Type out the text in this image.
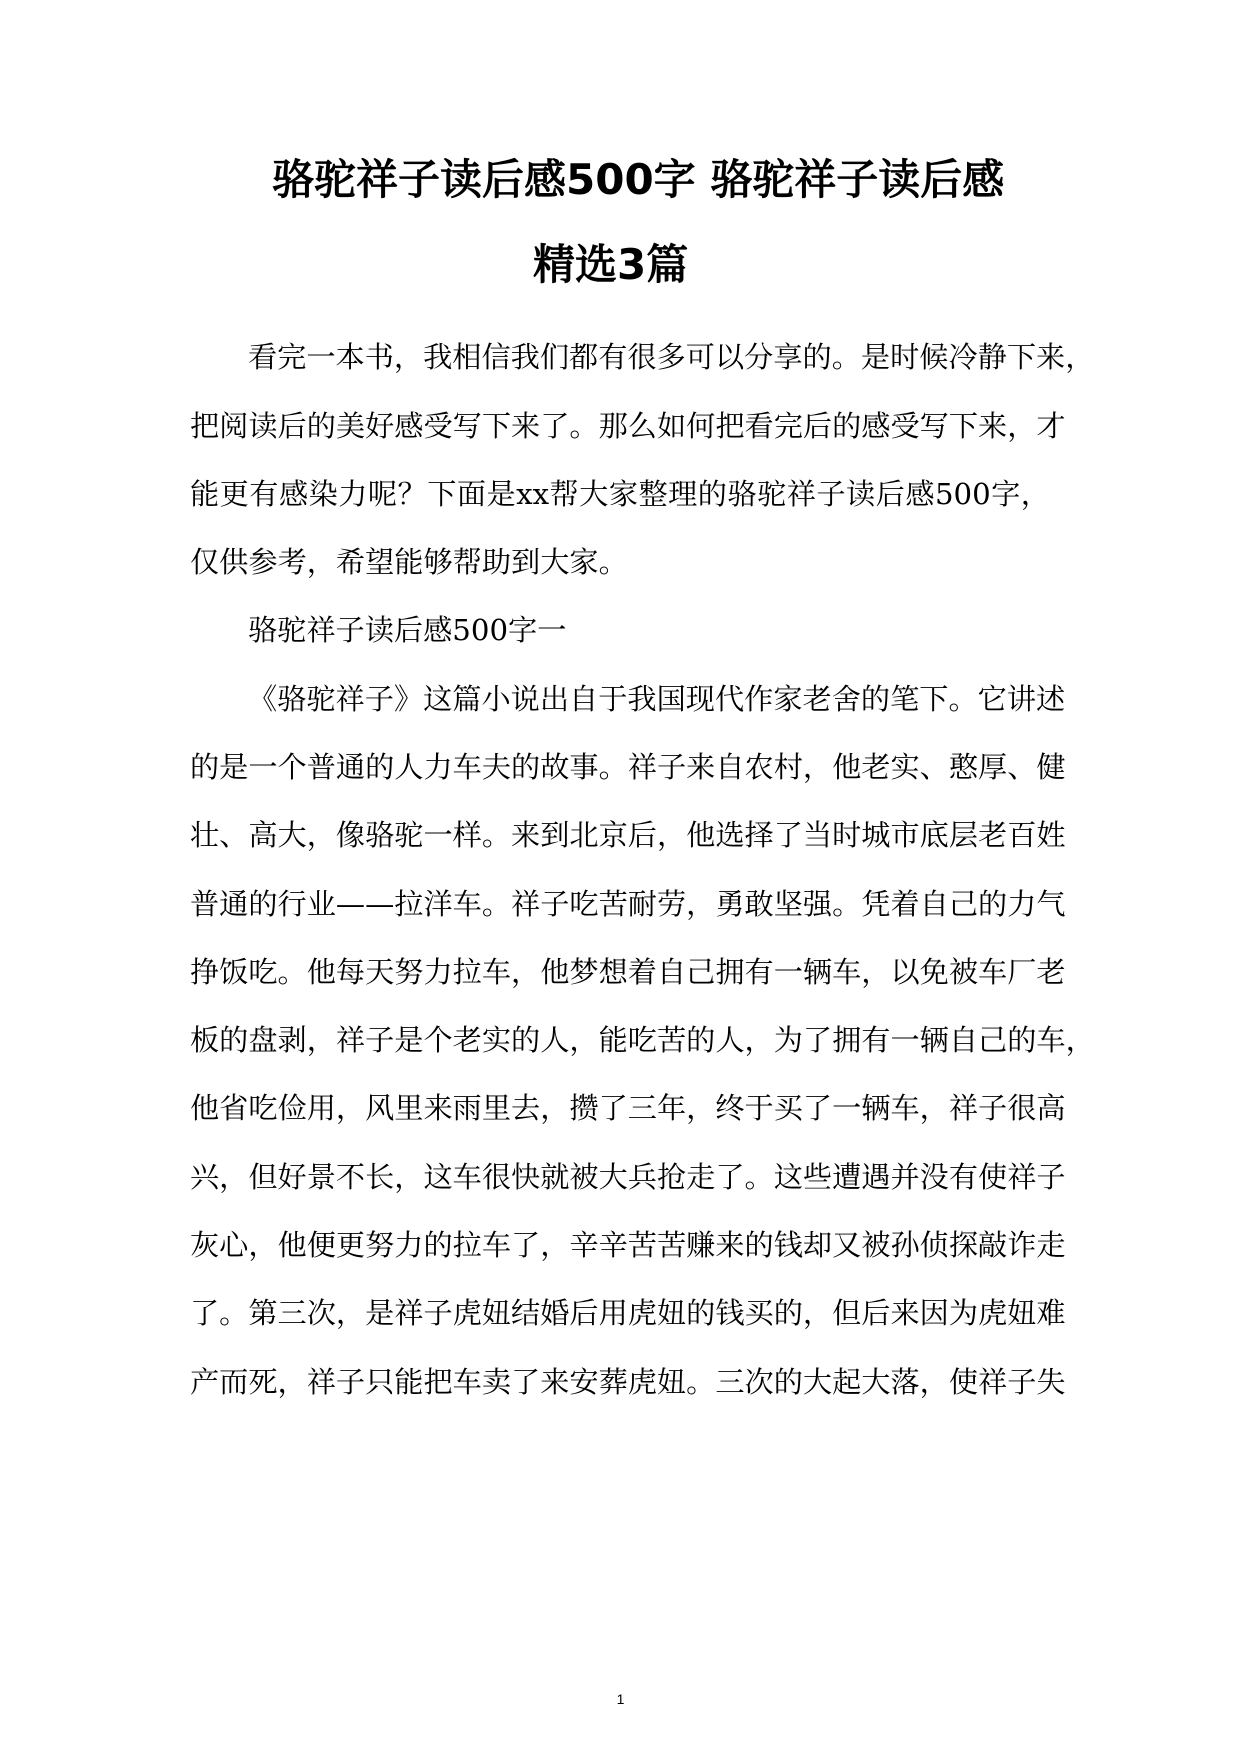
骆驼祥子读后感500字 骆驼祥子读后感
精选3篇

看完一本书，我相信我们都有很多可以分享的。是时候冷静下来，

把阅读后的美好感受写下来了。那么如何把看完后的感受写下来，才

能更有感染力呢？下面是xx帮大家整理的骆驼祥子读后感500字，

仅供参考，希望能够帮助到大家。

骆驼祥子读后感500字一

《骆驼祥子》这篇小说出自于我国现代作家老舍的笔下。它讲述

的是一个普通的人力车夫的故事。祥子来自农村，他老实、憨厚、健

壮、高大，像骆驼一样。来到北京后，他选择了当时城市底层老百姓

普通的行业——拉洋车。祥子吃苦耐劳，勇敢坚强。凭着自己的力气

挣饭吃。他每天努力拉车，他梦想着自己拥有一辆车，以免被车厂老

板的盘剥，祥子是个老实的人，能吃苦的人，为了拥有一辆自己的车，

他省吃俭用，风里来雨里去，攒了三年，终于买了一辆车，祥子很高

兴，但好景不长，这车很快就被大兵抢走了。这些遭遇并没有使祥子

灰心，他便更努力的拉车了，辛辛苦苦赚来的钱却又被孙侦探敲诈走

了。第三次，是祥子虎妞结婚后用虎妞的钱买的，但后来因为虎妞难

产而死，祥子只能把车卖了来安葬虎妞。三次的大起大落，使祥子失

1
